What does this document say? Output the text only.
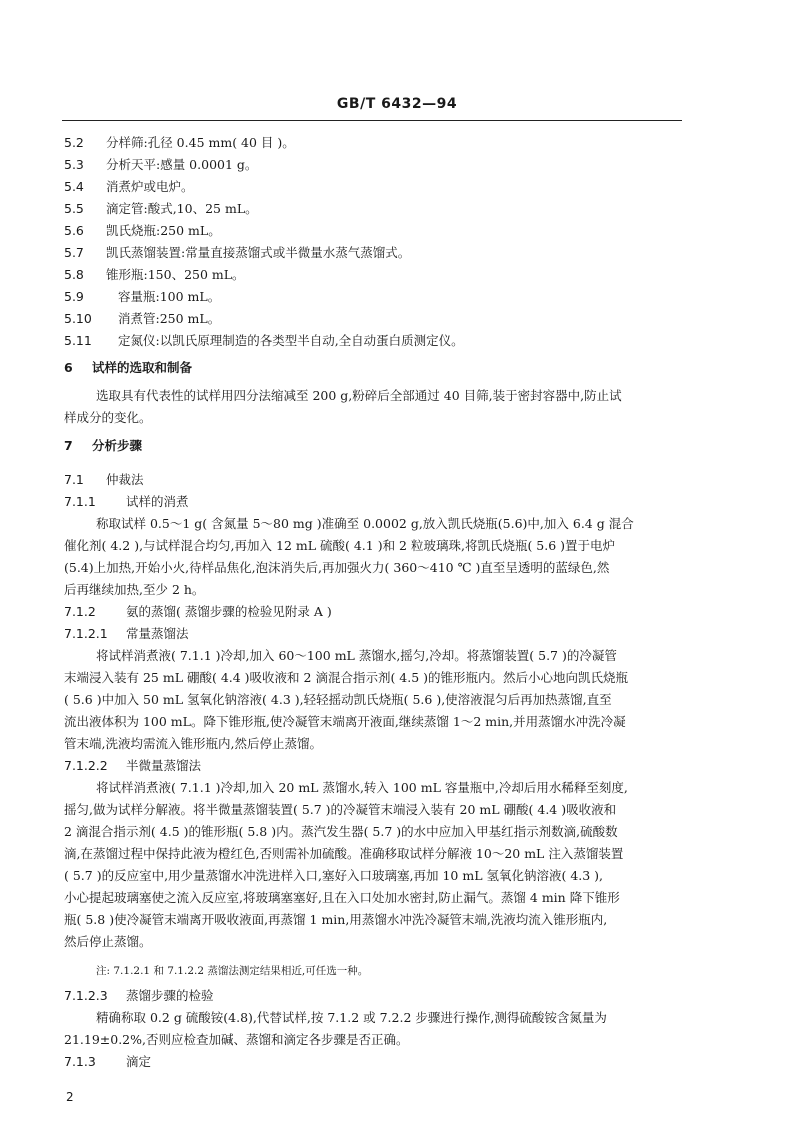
GB/T 6432—94
5.2 分样筛:孔径 0.45 mm( 40 目 )。
5.3 分析天平:感量 0.0001 g。
5.4 消煮炉或电炉。
5.5 滴定管:酸式,10、25 mL。
5.6 凯氏烧瓶:250 mL。
5.7 凯氏蒸馏装置:常量直接蒸馏式或半微量水蒸气蒸馏式。
5.8 锥形瓶:150、250 mL。
5.9	容量瓶:100 mL。
5.10 消煮管:250 mL。
5.11 定氮仪:以凯氏原理制造的各类型半自动,全自动蛋白质测定仪。
6 试样的选取和制备
选取具有代表性的试样用四分法缩减至 200 g,粉碎后全部通过 40 目筛,装于密封容器中,防止试
样成分的变化。
7 分析步骤
7.1 仲裁法
7.1.1 试样的消煮
称取试样 0.5～1 g( 含氮量 5～80 mg )准确至 0.0002 g,放入凯氏烧瓶(5.6)中,加入 6.4 g 混合
催化剂( 4.2 ),与试样混合均匀,再加入 12 mL 硫酸( 4.1 )和 2 粒玻璃珠,将凯氏烧瓶( 5.6 )置于电炉
(5.4)上加热,开始小火,待样品焦化,泡沫消失后,再加强火力( 360～410 ℃ )直至呈透明的蓝绿色,然
后再继续加热,至少 2 h。
7.1.2 氨的蒸馏( 蒸馏步骤的检验见附录 A )
7.1.2.1 常量蒸馏法
将试样消煮液( 7.1.1 )冷却,加入 60～100 mL 蒸馏水,摇匀,冷却。将蒸馏装置( 5.7 )的冷凝管
末端浸入装有 25 mL 硼酸( 4.4 )吸收液和 2 滴混合指示剂( 4.5 )的锥形瓶内。然后小心地向凯氏烧瓶
( 5.6 )中加入 50 mL 氢氧化钠溶液( 4.3 ),轻轻摇动凯氏烧瓶( 5.6 ),使溶液混匀后再加热蒸馏,直至
流出液体积为 100 mL。降下锥形瓶,使冷凝管末端离开液面,继续蒸馏 1～2 min,并用蒸馏水冲洗冷凝
管末端,洗液均需流入锥形瓶内,然后停止蒸馏。
7.1.2.2 半微量蒸馏法
将试样消煮液( 7.1.1 )冷却,加入 20 mL 蒸馏水,转入 100 mL 容量瓶中,冷却后用水稀释至刻度,
摇匀,做为试样分解液。将半微量蒸馏装置( 5.7 )的冷凝管末端浸入装有 20 mL 硼酸( 4.4 )吸收液和
2 滴混合指示剂( 4.5 )的锥形瓶( 5.8 )内。蒸汽发生器( 5.7 )的水中应加入甲基红指示剂数滴,硫酸数
滴,在蒸馏过程中保持此液为橙红色,否则需补加硫酸。准确移取试样分解液 10～20 mL 注入蒸馏装置
( 5.7 )的反应室中,用少量蒸馏水冲洗进样入口,塞好入口玻璃塞,再加 10 mL 氢氧化钠溶液( 4.3 ),
小心提起玻璃塞使之流入反应室,将玻璃塞塞好,且在入口处加水密封,防止漏气。蒸馏 4 min 降下锥形
瓶( 5.8 )使冷凝管末端离开吸收液面,再蒸馏 1 min,用蒸馏水冲洗冷凝管末端,洗液均流入锥形瓶内,
然后停止蒸馏。
注: 7.1.2.1 和 7.1.2.2 蒸馏法测定结果相近,可任选一种。
7.1.2.3 蒸馏步骤的检验
精确称取 0.2 g 硫酸铵(4.8),代替试样,按 7.1.2 或 7.2.2 步骤进行操作,测得硫酸铵含氮量为
21.19±0.2%,否则应检查加碱、蒸馏和滴定各步骤是否正确。
7.1.3 滴定
2
